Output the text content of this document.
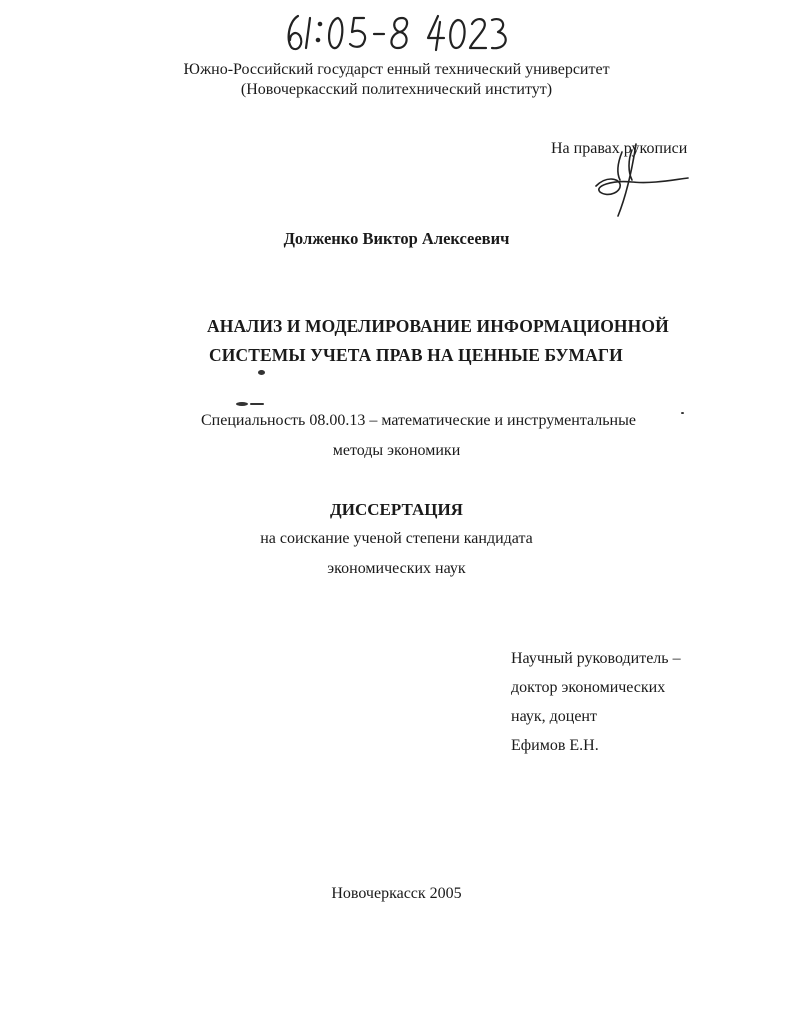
Южно-Российский государст енный технический университет
(Новочеркасский политехнический институт)
На правах рукописи
Долженко Виктор Алексеевич
АНАЛИЗ И МОДЕЛИРОВАНИЕ ИНФОРМАЦИОННОЙ
СИСТЕМЫ УЧЕТА ПРАВ НА ЦЕННЫЕ БУМАГИ
Специальность 08.00.13 – математические и инструментальные
методы экономики
ДИССЕРТАЦИЯ
на соискание ученой степени кандидата
экономических наук
Научный руководитель –
доктор экономических
наук, доцент
Ефимов Е.Н.
Новочеркасск 2005
